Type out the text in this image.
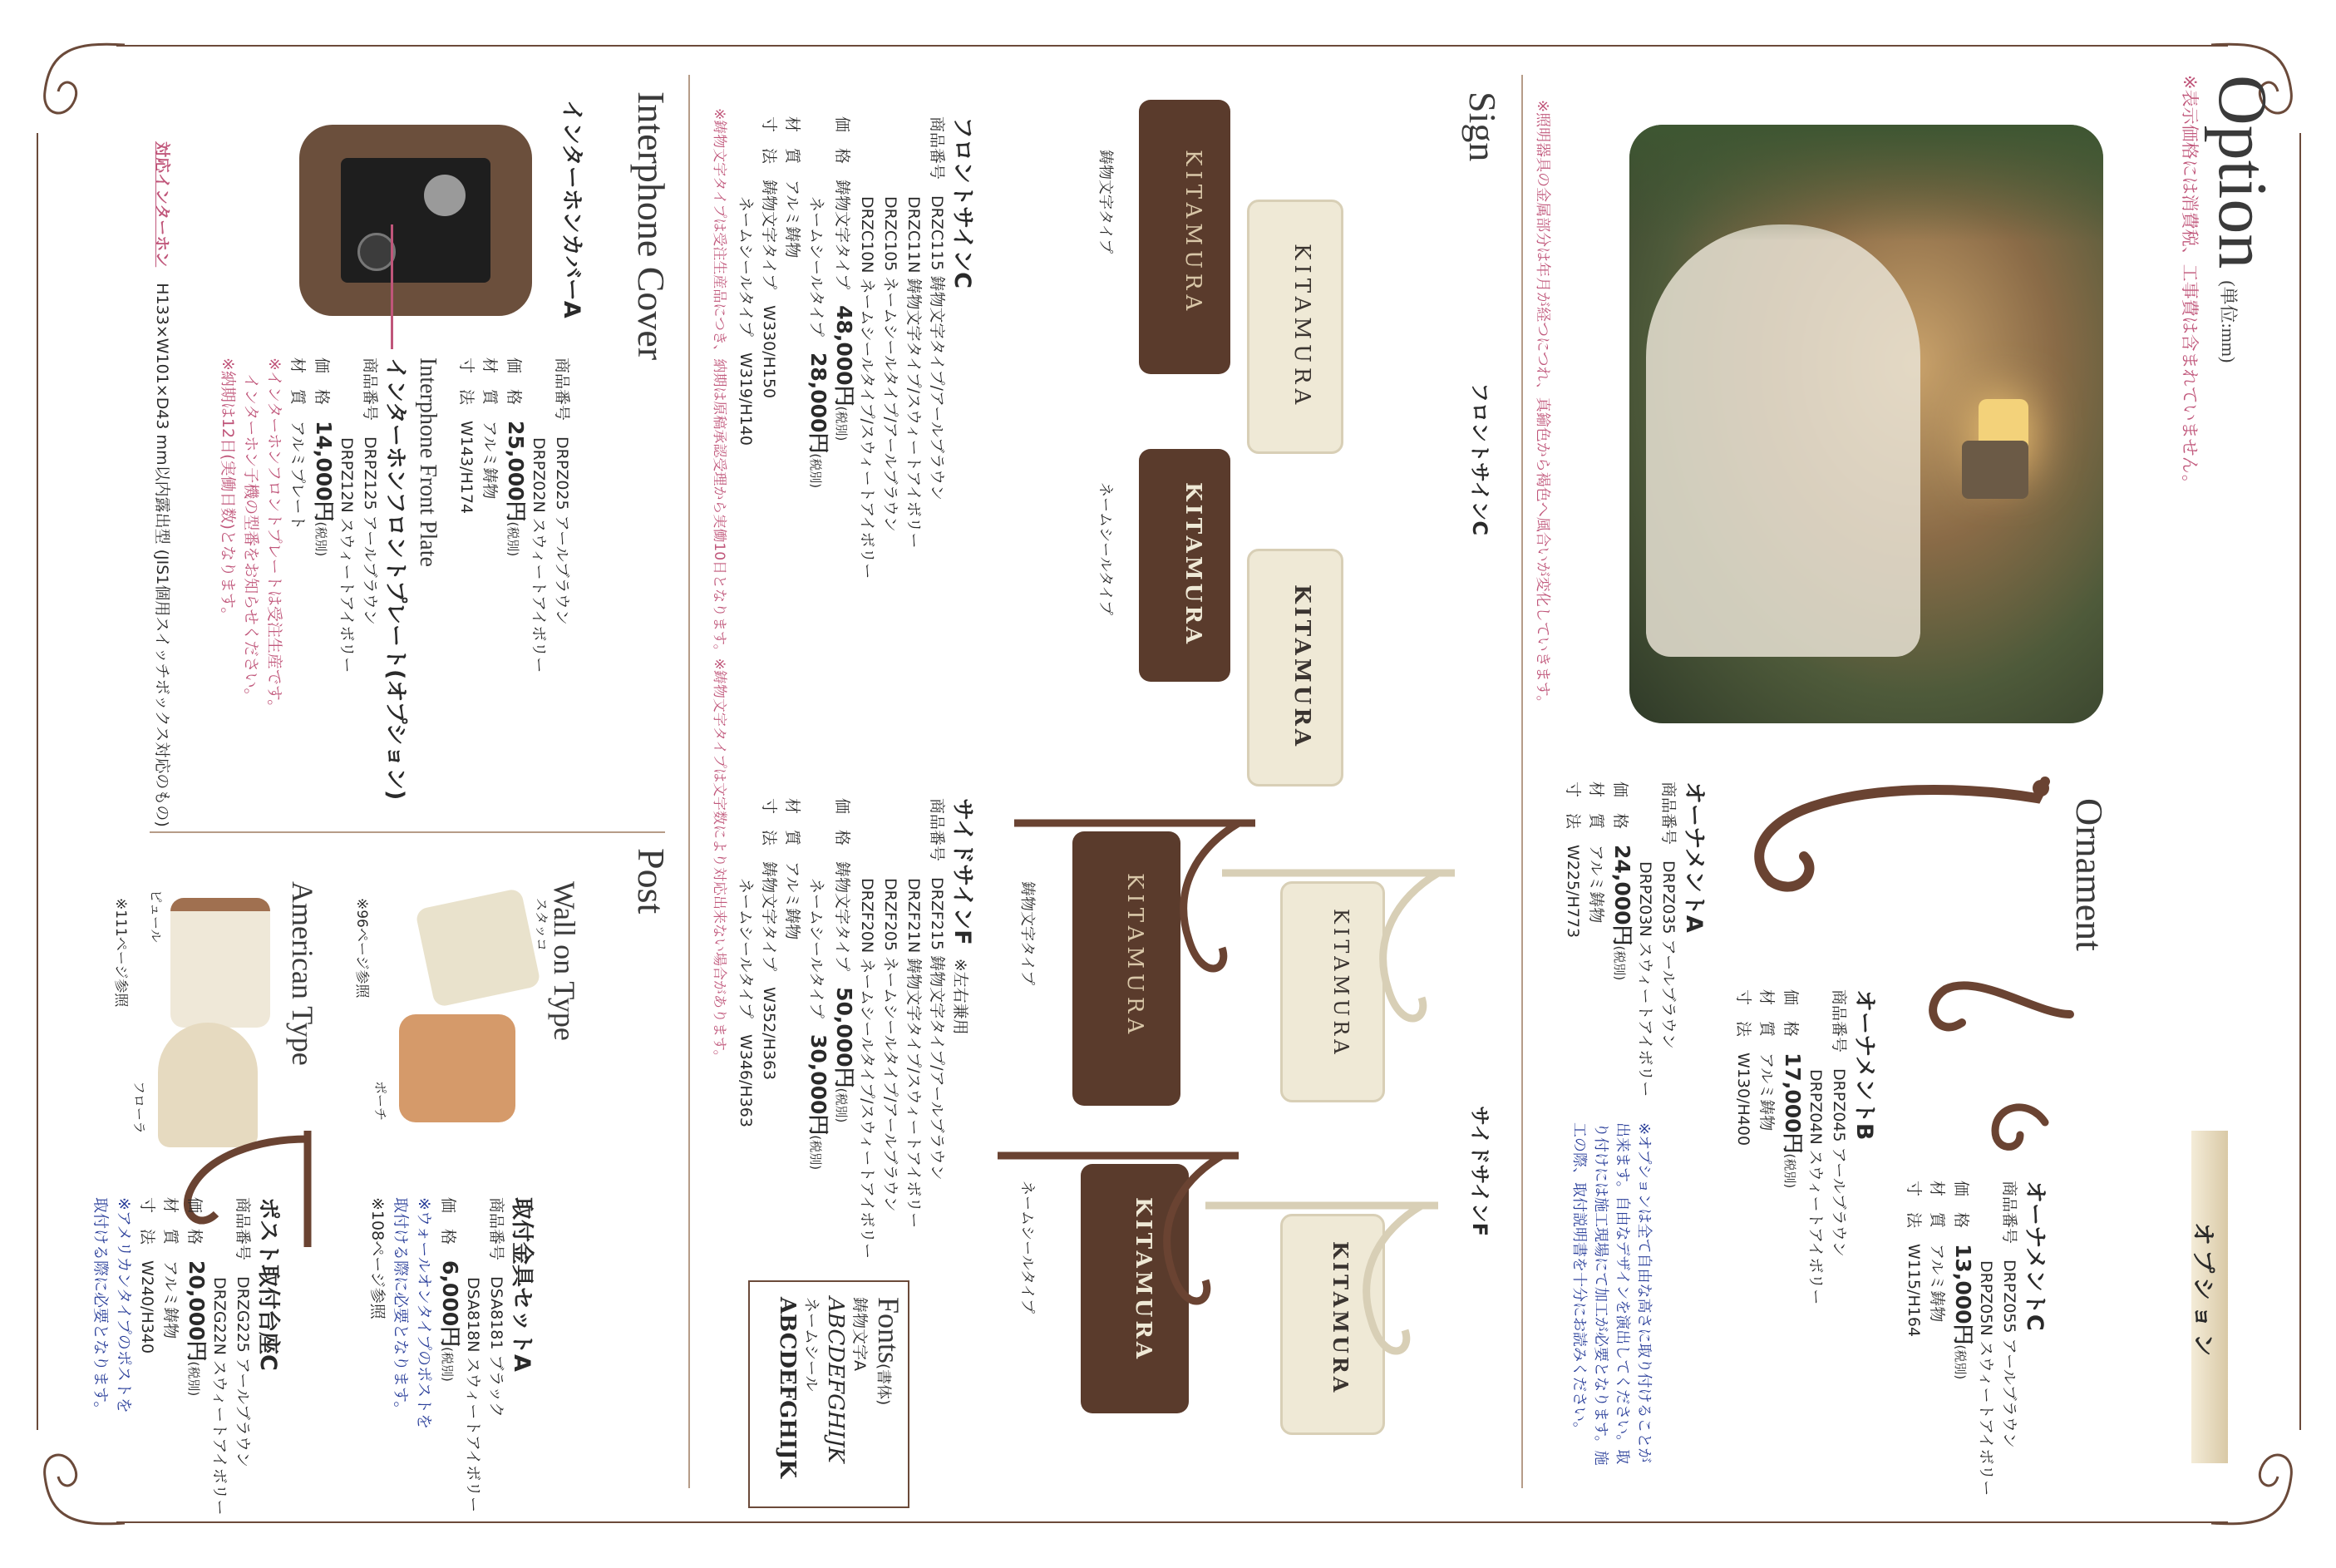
Option
(単位:mm)
※表示価格には消費税、工事費は含まれていません。
オプション
※照明器具の金属部分は年月が経つにつれ、真鍮色から褐色へ風合いが変化していきます。
Ornament
オーナメントC
商品番号　DRPZ055 アールブラウン
DRPZ05N スウィートアイボリー
価　格　13,000円(税別)
材　質　アルミ鋳物
寸　法　W115/H164
オーナメントB
商品番号　DRPZ045 アールブラウン
DRPZ04N スウィートアイボリー
価　格　17,000円(税別)
材　質　アルミ鋳物
寸　法　W130/H400
オーナメントA
商品番号　DRPZ035 アールブラウン
DRPZ03N スウィートアイボリー
価　格　24,000円(税別)
材　質　アルミ鋳物
寸　法　W225/H773
※オプションは全て自由な高さに取り付けることが出来ます。自由なデザインを演出してください。取り付けには施工現場にて加工が必要となります。施工の際、取付説明書を十分にお読みください。
Sign
フロントサインC
サイドサインF
KITAMURA
KITAMURA
KITAMURA
KITAMURA
鋳物文字タイプ
ネームシールタイプ
KITAMURA	KITAMURA
KITAMURA	KITAMURA
鋳物文字タイプ
ネームシールタイプ
フロントサインC
商品番号　DRZC115 鋳物文字タイプ/アールブラウン
DRZC11N 鋳物文字タイプ/スウィートアイボリー
DRZC105 ネームシールタイプ/アールブラウン
DRZC10N ネームシールタイプ/スウィートアイボリー
価　格　鋳物文字タイプ　48,000円(税別)
ネームシールタイプ　28,000円(税別)
材　質　アルミ鋳物
寸　法　鋳物文字タイプ　W330/H150
ネームシールタイプ　W319/H140
サイドサインF　※左右兼用
商品番号　DRZF215 鋳物文字タイプ/アールブラウン
DRZF21N 鋳物文字タイプ/スウィートアイボリー
DRZF205 ネームシールタイプ/アールブラウン
DRZF20N ネームシールタイプ/スウィートアイボリー
価　格　鋳物文字タイプ　50,000円(税別)
ネームシールタイプ　30,000円(税別)
材　質　アルミ鋳物
寸　法　鋳物文字タイプ　W352/H363
ネームシールタイプ　W346/H363
※鋳物文字タイプは受注生産品につき、納期は原稿承認受理から実働10日となります。※鋳物文字タイプは文字数により対応出来ない場合があります。
Fonts(書体)
鋳物文字A
ABCDEFGHIJK
ネームシール
ABCDEFGHIJK
Interphone Cover
インターホンカバーA
商品番号　DRPZ025 アールブラウン
DRPZ02N スウィートアイボリー
価　格　25,000円(税別)
材　質　アルミ鋳物
寸　法　W143/H174
Interphone Front Plate
インターホンフロントプレート(オプション)
商品番号　DRPZ125 アールブラウン
DRPZ12N スウィートアイボリー
価　格　14,000円(税別)
材　質　アルミプレート
※インターホンフロントプレートは受注生産です。
　インターホン子機の型番をお知らせください。
※納期は12日(実働日数)となります。
対応インターホン　H133×W101×D43 mm以内露出型 (JIS1個用スイッチボックス対応のもの)
Post
Wall on Type
スタッコ
ポーチ
※96ページ参照
American Type
ピュール
フローラ
※111ページ参照
取付金具セットA
商品番号　DSA8181 ブラック
DSA818N スウィートアイボリー
価　格　6,000円(税別)
※ウォールオンタイプのポストを
取付ける際に必要となります。
※108ページ参照
ポスト取付台座C
商品番号　DRZG225 アールブラウン
DRZG22N スウィートアイボリー
価　格　20,000円(税別)
材　質　アルミ鋳物
寸　法　W240/H340
※アメリカンタイプのポストを
取付ける際に必要となります。
